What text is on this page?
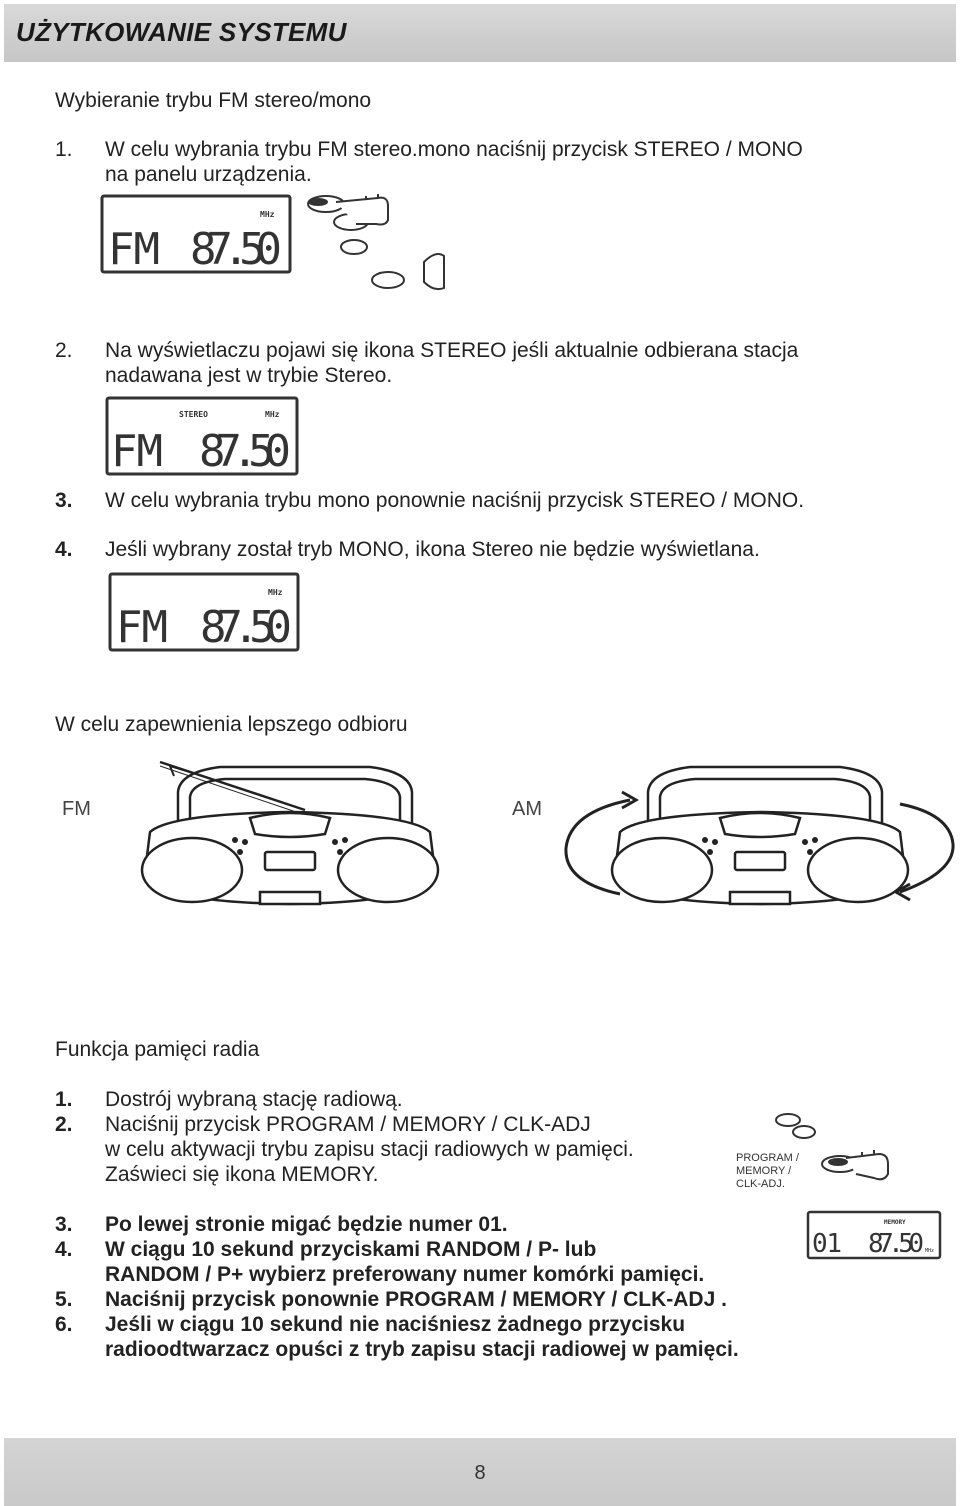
UŻYTKOWANIE SYSTEMU
Wybieranie trybu FM stereo/mono
1. W celu wybrania trybu FM stereo.mono naciśnij przycisk STEREO / MONO
na panelu urządzenia.
MHz
FM 87.50
2. Na wyświetlaczu pojawi się ikona STEREO jeśli aktualnie odbierana stacja
nadawana jest w trybie Stereo.
STEREO	MHz
FM 87.50
3. W celu wybrania trybu mono ponownie naciśnij przycisk STEREO / MONO.
4. Jeśli wybrany został tryb MONO, ikona Stereo nie będzie wyświetlana.
MHz
FM 87.50
W celu zapewnienia lepszego odbioru
FM	AM
Funkcja pamięci radia
1. Dostrój wybraną stację radiową.
2. Naciśnij przycisk PROGRAM / MEMORY / CLK-ADJ
w celu aktywacji trybu zapisu stacji radiowych w pamięci.
Zaświeci się ikona MEMORY.
PROGRAM /
MEMORY /
CLK-ADJ.
3. Po lewej stronie migać będzie numer 01.	MEMORY
01 87.50 MHz
4. W ciągu 10 sekund przyciskami RANDOM / P- lub
RANDOM / P+ wybierz preferowany numer komórki pamięci.
5. Naciśnij przycisk ponownie PROGRAM / MEMORY / CLK-ADJ .
6. Jeśli w ciągu 10 sekund nie naciśniesz żadnego przycisku
radioodtwarzacz opuści z tryb zapisu stacji radiowej w pamięci.
8
